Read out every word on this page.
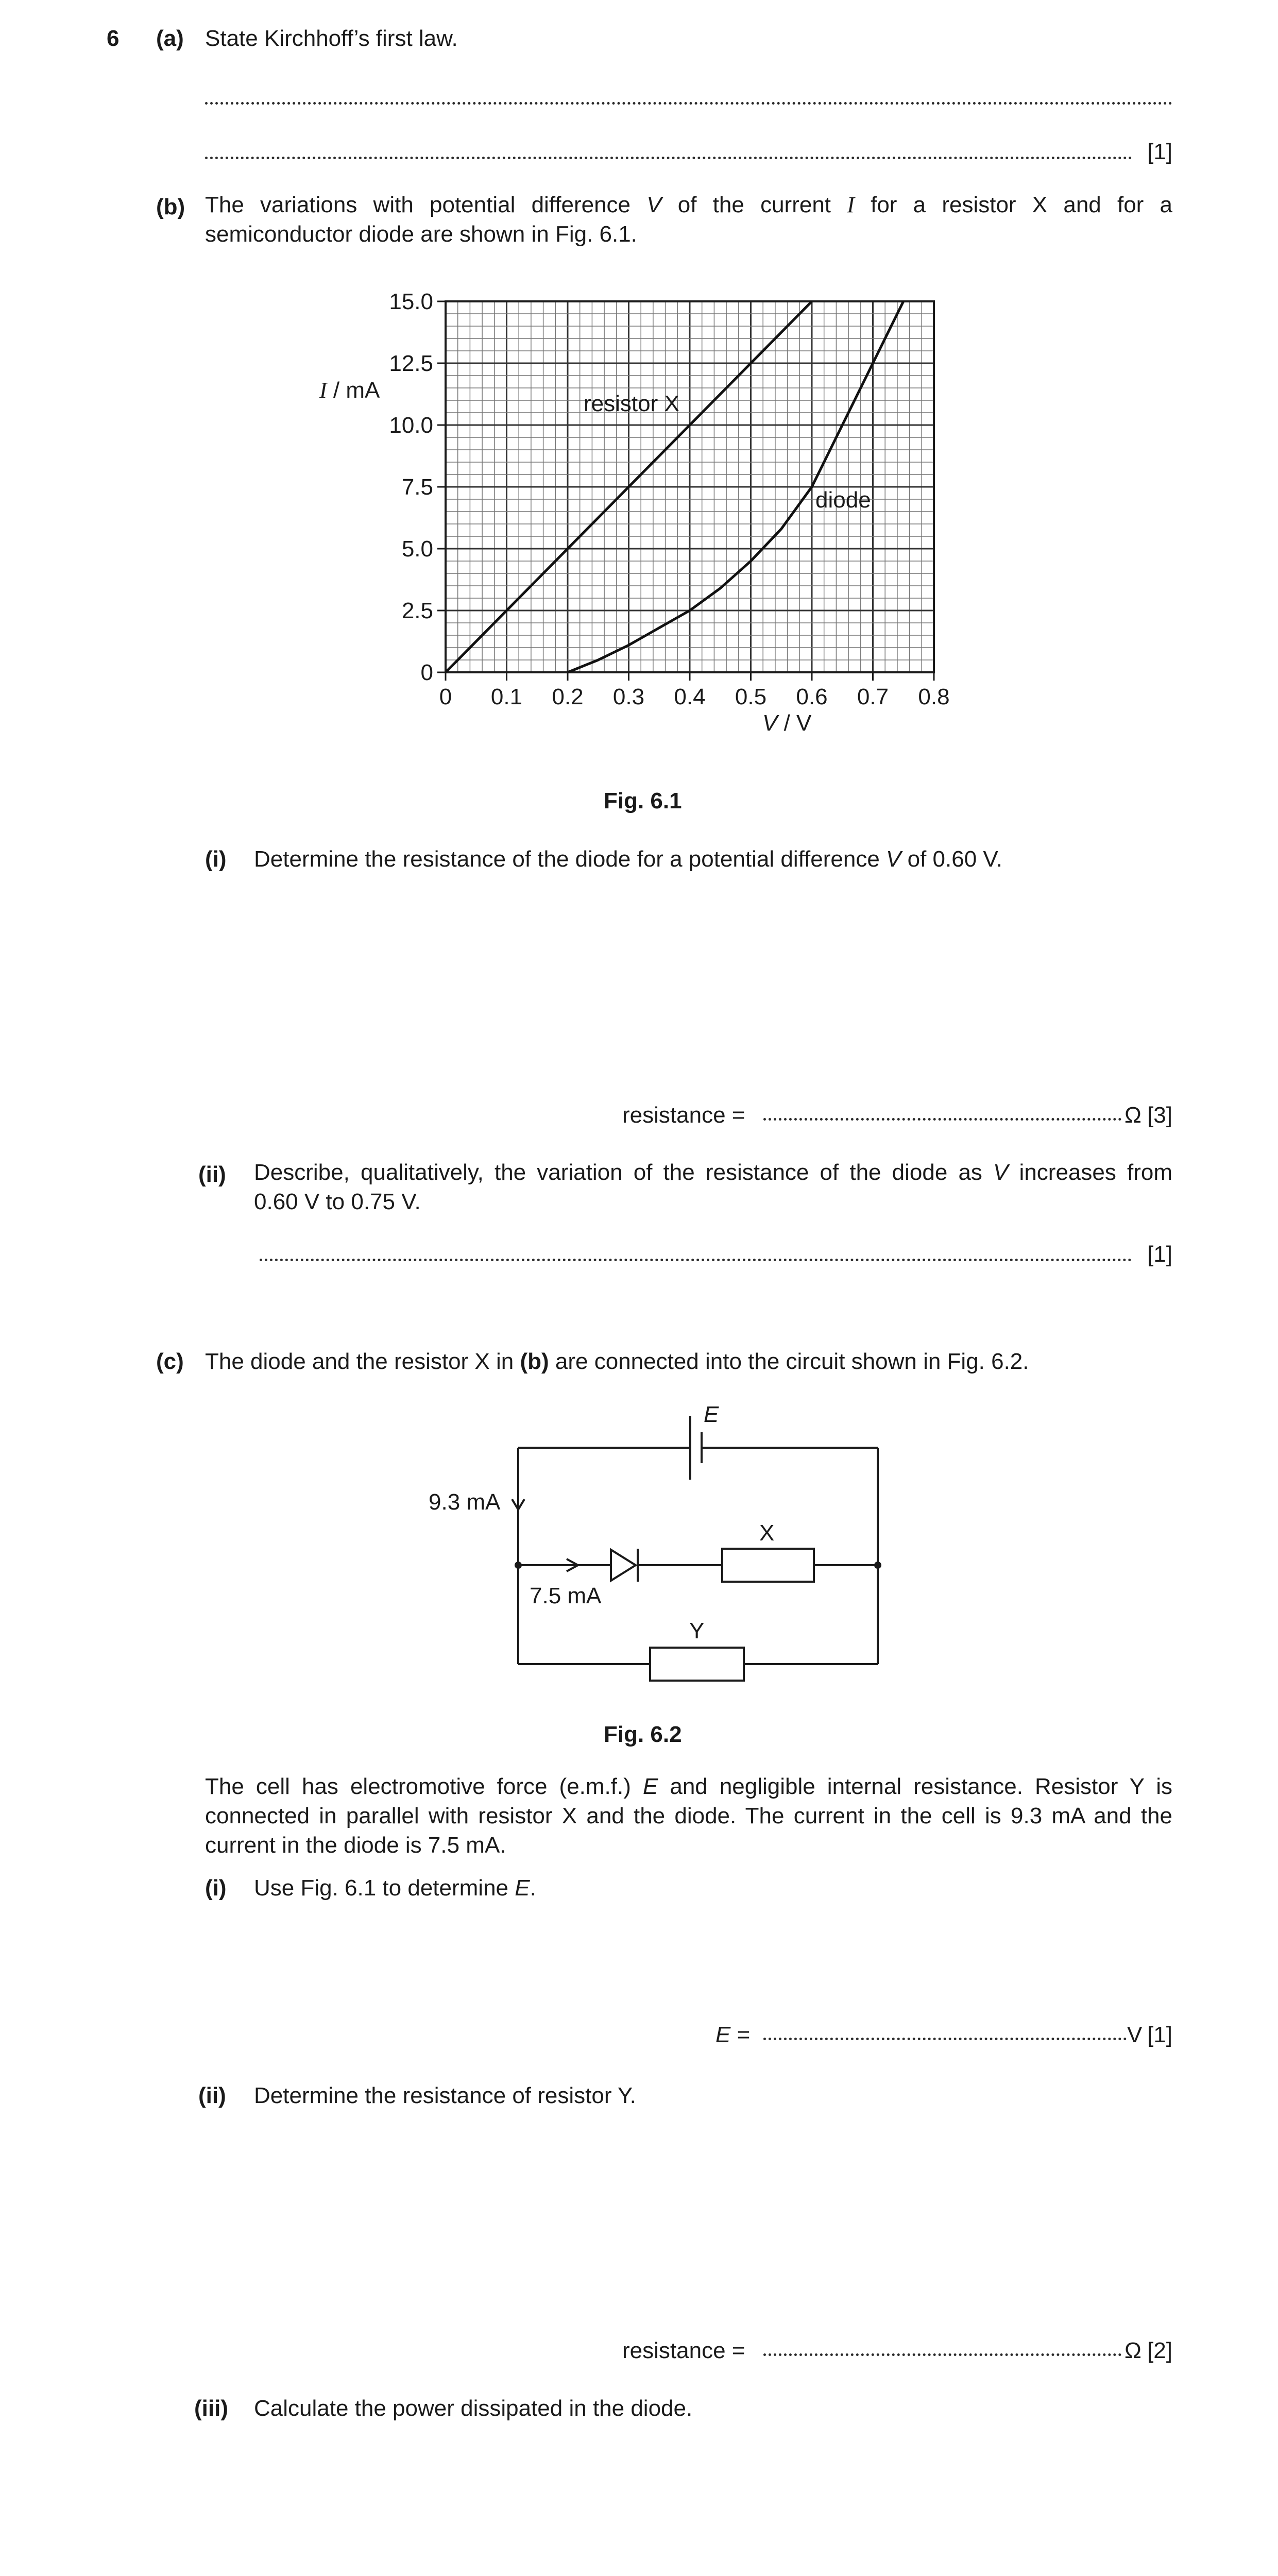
6 (a) State Kirchhoff’s first law.
[1]
(b) The variations with potential difference V of the current I for a resistor X and for a
semiconductor diode are shown in Fig. 6.1.
0 0.1 0.2 0.3 0.4 0.5 0.6 0.7 0.8
0
2.5
5.0
7.5
10.0
12.5
15.0
I / mA
V / V
resistor X
diode
Fig. 6.1
(i) Determine the resistance of the diode for a potential difference V of 0.60 V.
resistance =	Ω [3]
(ii) Describe, qualitatively, the variation of the resistance of the diode as V increases from
0.60 V to 0.75 V.
[1]
(c) The diode and the resistor X in (b) are connected into the circuit shown in Fig. 6.2.
E
9.3 mA
7.5 mA
X
Y
Fig. 6.2
The cell has electromotive force (e.m.f.) E and negligible internal resistance. Resistor Y is
connected in parallel with resistor X and the diode. The current in the cell is 9.3 mA and the
current in the diode is 7.5 mA.
(i) Use Fig. 6.1 to determine E.
E =	V [1]
(ii) Determine the resistance of resistor Y.
resistance =	Ω [2]
(iii) Calculate the power dissipated in the diode.
